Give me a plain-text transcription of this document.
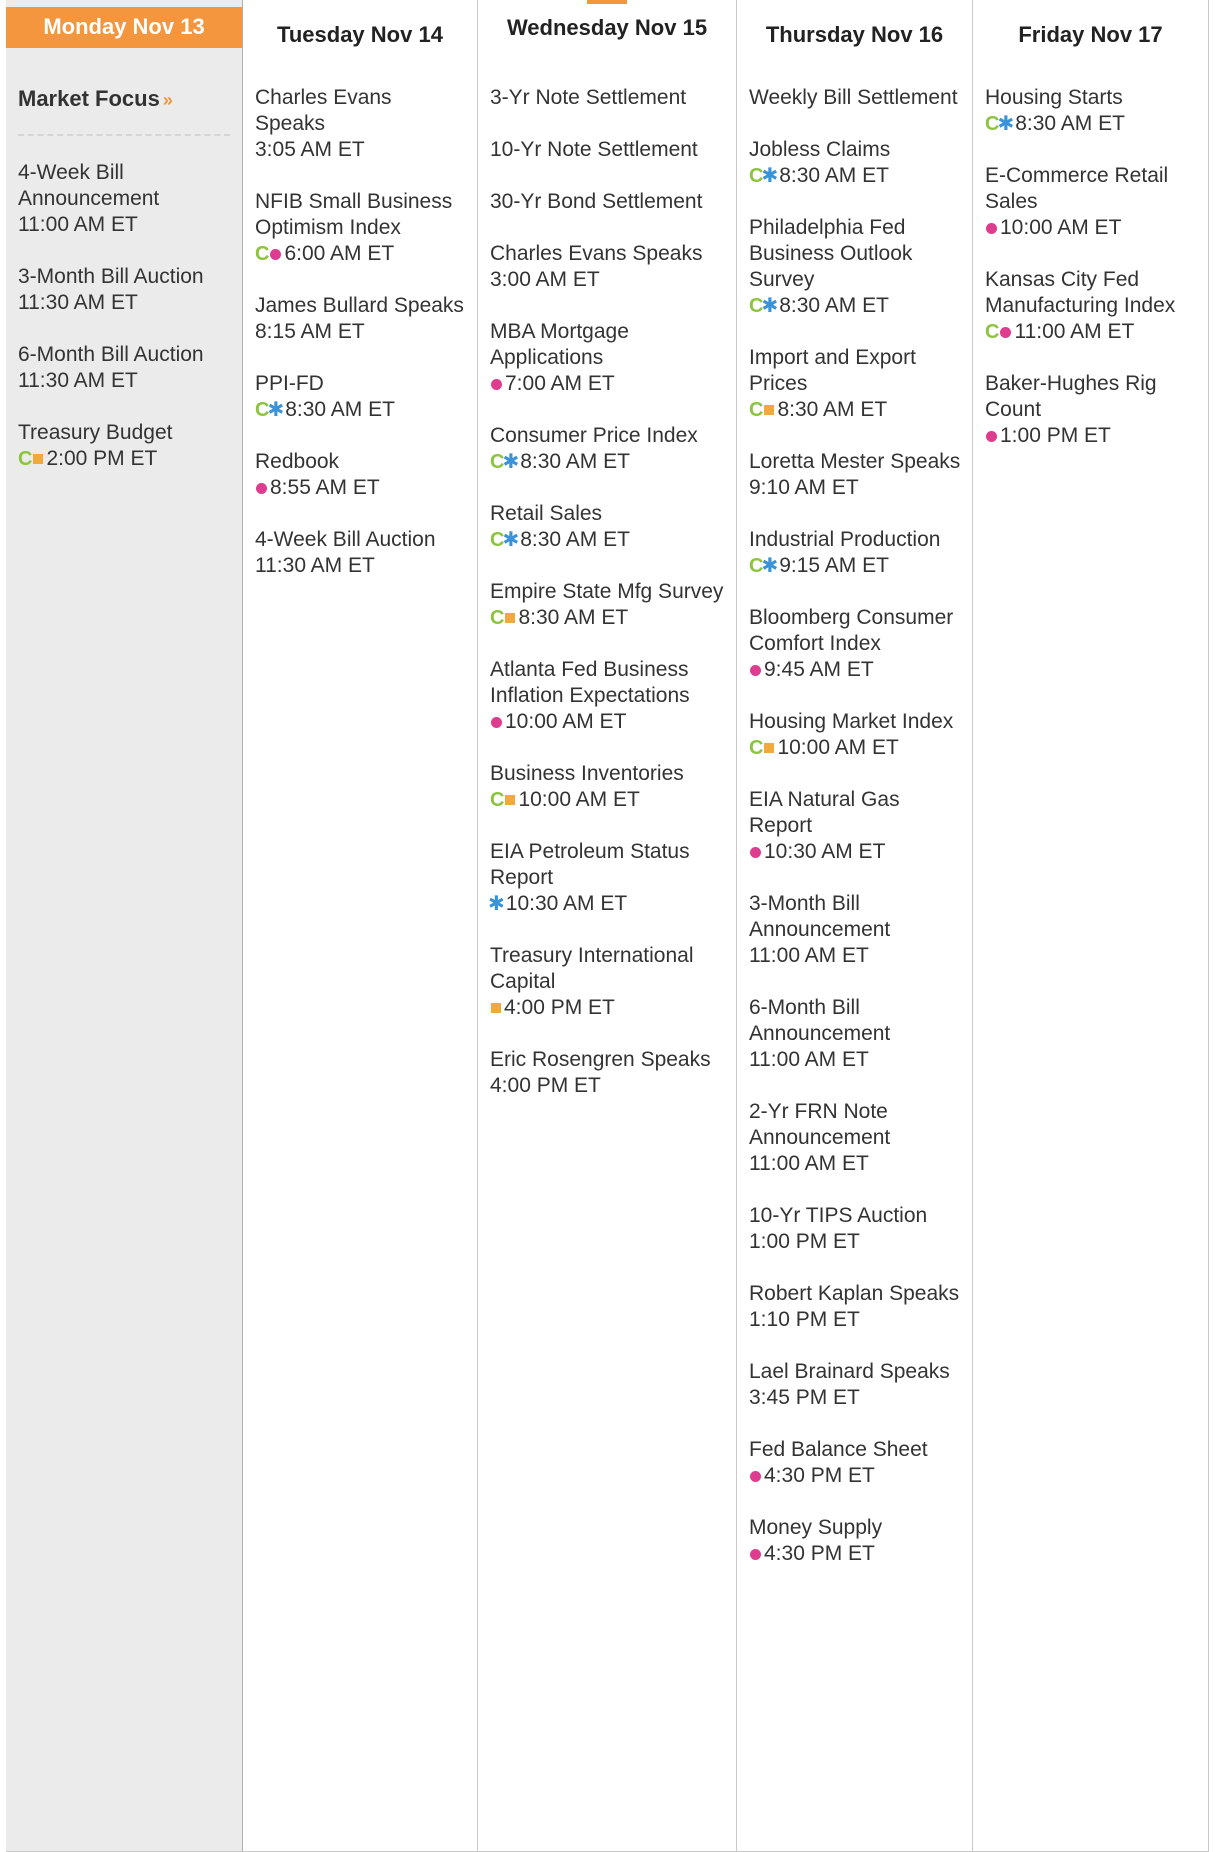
Monday Nov 13
Market Focus »
4-Week Bill Announcement
11:00 AM ET
3-Month Bill Auction
11:30 AM ET
6-Month Bill Auction
11:30 AM ET
Treasury Budget
C 2:00 PM ET
Tuesday Nov 14
Charles Evans Speaks
3:05 AM ET
NFIB Small Business Optimism Index
C 6:00 AM ET
James Bullard Speaks
8:15 AM ET
PPI-FD
C
✱ 8:30 AM ET
Redbook
8:55 AM ET
4-Week Bill Auction
11:30 AM ET
Wednesday Nov 15
3-Yr Note Settlement
10-Yr Note Settlement
30-Yr Bond Settlement
Charles Evans Speaks
3:00 AM ET
MBA Mortgage Applications
7:00 AM ET
Consumer Price Index
C
✱ 8:30 AM ET
Retail Sales
C
✱ 8:30 AM ET
Empire State Mfg Survey
C 8:30 AM ET
Atlanta Fed Business Inflation Expectations
10:00 AM ET
Business Inventories
C 10:00 AM ET
EIA Petroleum Status Report
✱ 10:30 AM ET
Treasury International Capital
4:00 PM ET
Eric Rosengren Speaks
4:00 PM ET
Thursday Nov 16
Weekly Bill Settlement
Jobless Claims
C
✱ 8:30 AM ET
Philadelphia Fed Business Outlook Survey
C
✱ 8:30 AM ET
Import and Export Prices
C 8:30 AM ET
Loretta Mester Speaks
9:10 AM ET
Industrial Production
C
✱ 9:15 AM ET
Bloomberg Consumer Comfort Index
9:45 AM ET
Housing Market Index
C 10:00 AM ET
EIA Natural Gas Report
10:30 AM ET
3-Month Bill Announcement
11:00 AM ET
6-Month Bill Announcement
11:00 AM ET
2-Yr FRN Note Announcement
11:00 AM ET
10-Yr TIPS Auction
1:00 PM ET
Robert Kaplan Speaks
1:10 PM ET
Lael Brainard Speaks
3:45 PM ET
Fed Balance Sheet
4:30 PM ET
Money Supply
4:30 PM ET
Friday Nov 17
Housing Starts
C
✱ 8:30 AM ET
E-Commerce Retail Sales
10:00 AM ET
Kansas City Fed Manufacturing Index
C 11:00 AM ET
Baker-Hughes Rig Count
1:00 PM ET
